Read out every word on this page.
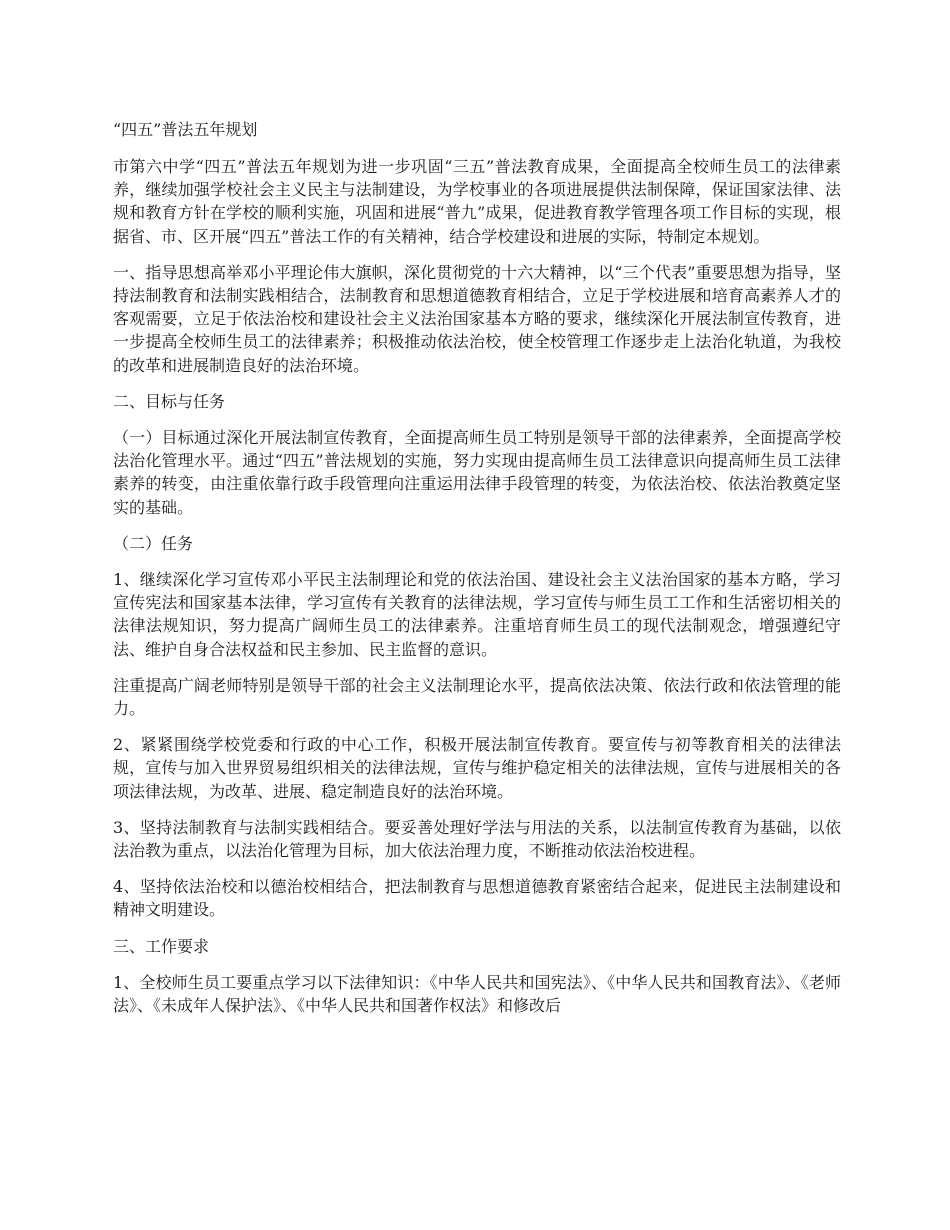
“四五”普法五年规划

市第六中学“四五”普法五年规划为进一步巩固“三五”普法教育成果，全面提高全校师生员工的法律素养，继续加强学校社会主义民主与法制建设，为学校事业的各项进展提供法制保障，保证国家法律、法规和教育方针在学校的顺利实施，巩固和进展“普九”成果，促进教育教学管理各项工作目标的实现，根据省、市、区开展“四五”普法工作的有关精神，结合学校建设和进展的实际，特制定本规划。

一、指导思想高举邓小平理论伟大旗帜，深化贯彻党的十六大精神，以“三个代表”重要思想为指导，坚持法制教育和法制实践相结合，法制教育和思想道德教育相结合，立足于学校进展和培育高素养人才的客观需要，立足于依法治校和建设社会主义法治国家基本方略的要求，继续深化开展法制宣传教育，进一步提高全校师生员工的法律素养；积极推动依法治校，使全校管理工作逐步走上法治化轨道，为我校的改革和进展制造良好的法治环境。

二、目标与任务

（一）目标通过深化开展法制宣传教育，全面提高师生员工特别是领导干部的法律素养，全面提高学校法治化管理水平。通过“四五”普法规划的实施，努力实现由提高师生员工法律意识向提高师生员工法律素养的转变，由注重依靠行政手段管理向注重运用法律手段管理的转变，为依法治校、依法治教奠定坚实的基础。

（二）任务

1、继续深化学习宣传邓小平民主法制理论和党的依法治国、建设社会主义法治国家的基本方略，学习宣传宪法和国家基本法律，学习宣传有关教育的法律法规，学习宣传与师生员工工作和生活密切相关的法律法规知识，努力提高广阔师生员工的法律素养。注重培育师生员工的现代法制观念，增强遵纪守法、维护自身合法权益和民主参加、民主监督的意识。

注重提高广阔老师特别是领导干部的社会主义法制理论水平，提高依法决策、依法行政和依法管理的能力。

2、紧紧围绕学校党委和行政的中心工作，积极开展法制宣传教育。要宣传与初等教育相关的法律法规，宣传与加入世界贸易组织相关的法律法规，宣传与维护稳定相关的法律法规，宣传与进展相关的各项法律法规，为改革、进展、稳定制造良好的法治环境。

3、坚持法制教育与法制实践相结合。要妥善处理好学法与用法的关系，以法制宣传教育为基础，以依法治教为重点，以法治化管理为目标，加大依法治理力度，不断推动依法治校进程。

4、坚持依法治校和以德治校相结合，把法制教育与思想道德教育紧密结合起来，促进民主法制建设和精神文明建设。

三、工作要求

1、全校师生员工要重点学习以下法律知识：《中华人民共和国宪法》、《中华人民共和国教育法》、《老师法》、《未成年人保护法》、《中华人民共和国著作权法》和修改后
